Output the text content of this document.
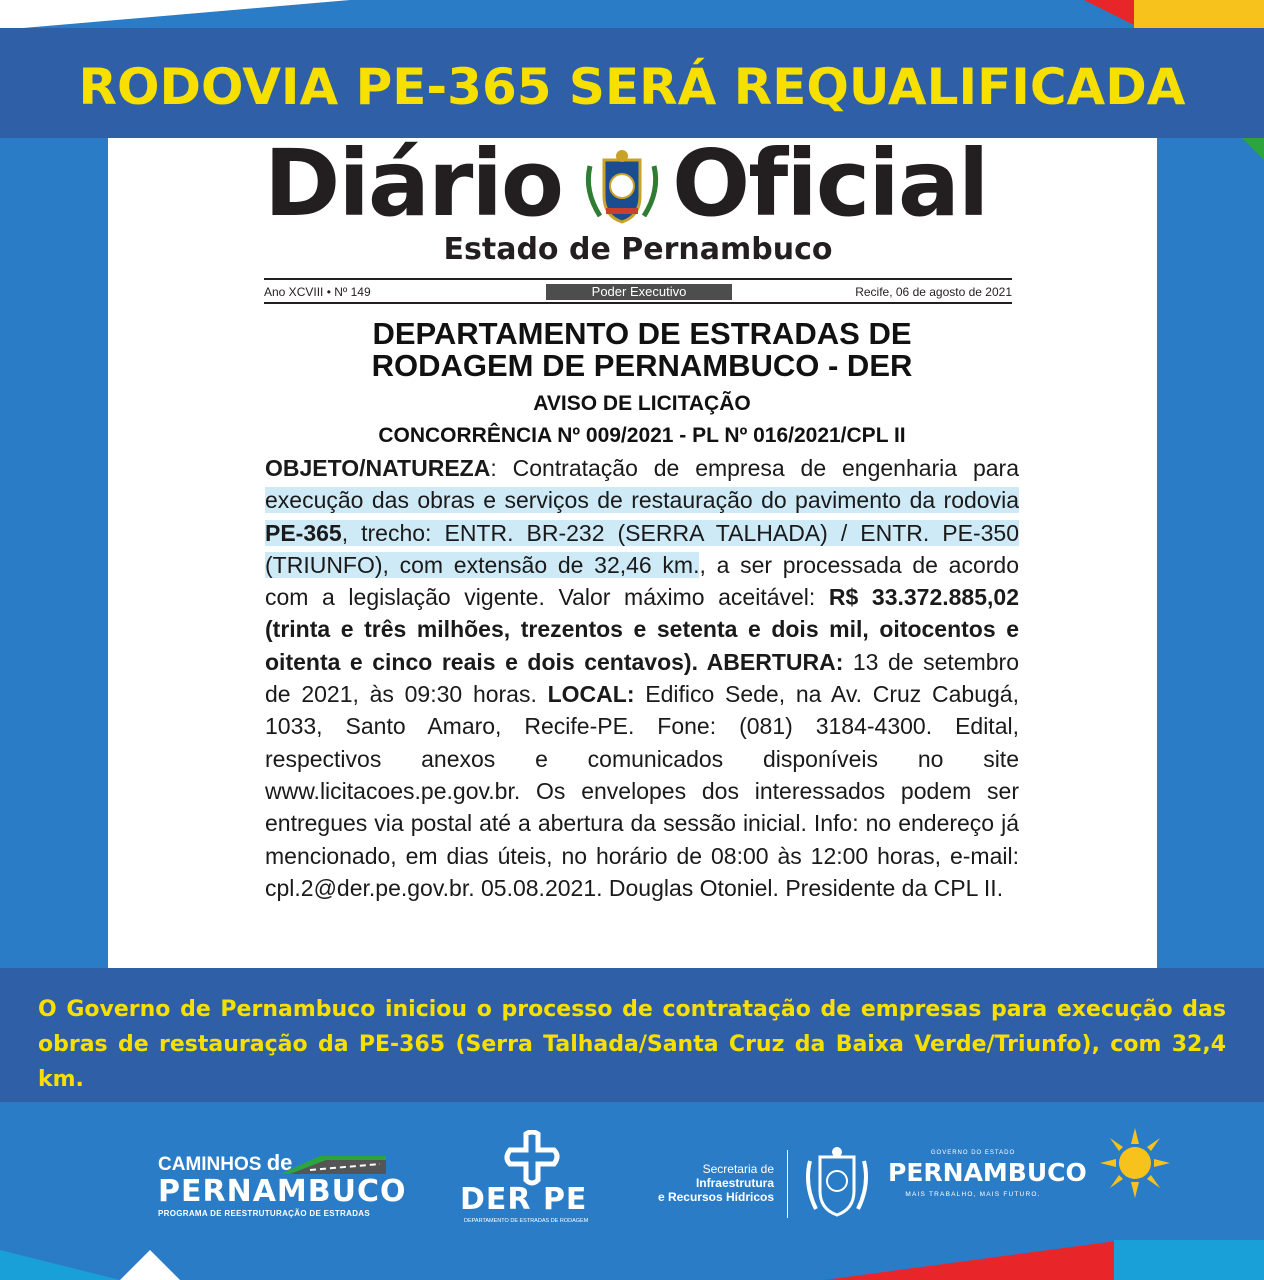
RODOVIA PE-365 SERÁ REQUALIFICADA
Diário Oficial
Estado de Pernambuco
Ano XCVIII • Nº 149	Poder Executivo	Recife, 06 de agosto de 2021
DEPARTAMENTO DE ESTRADAS DE
RODAGEM DE PERNAMBUCO - DER
AVISO DE LICITAÇÃO
CONCORRÊNCIA Nº 009/2021 - PL Nº 016/2021/CPL II
OBJETO/NATUREZA: Contratação de empresa de engenharia para execução das obras e serviços de restauração do pavimento da rodovia PE-365, trecho: ENTR. BR-232 (SERRA TALHADA) / ENTR. PE-350 (TRIUNFO), com extensão de 32,46 km., a ser processada de acordo com a legislação vigente. Valor máximo aceitável: R$ 33.372.885,02 (trinta e três milhões, trezentos e setenta e dois mil, oitocentos e oitenta e cinco reais e dois centavos). ABERTURA: 13 de setembro de 2021, às 09:30 horas. LOCAL: Edifico Sede, na Av. Cruz Cabugá, 1033, Santo Amaro, Recife-PE. Fone: (081) 3184-4300. Edital, respectivos anexos e comunicados disponíveis no site www.licitacoes.pe.gov.br. Os envelopes dos interessados podem ser entregues via postal até a abertura da sessão inicial. Info: no endereço já mencionado, em dias úteis, no horário de 08:00 às 12:00 horas, e-mail: cpl.2@der.pe.gov.br. 05.08.2021. Douglas Otoniel. Presidente da CPL II.
O Governo de Pernambuco iniciou o processo de contratação de empresas para execução das
obras de restauração da PE-365 (Serra Talhada/Santa Cruz da Baixa Verde/Triunfo), com 32,4 km.
CAMINHOS de
PERNAMBUCO
PROGRAMA DE REESTRUTURAÇÃO DE ESTRADAS	DER PE
DEPARTAMENTO DE ESTRADAS DE RODAGEM
Secretaria de
Infraestrutura
e Recursos Hídricos
GOVERNO DO ESTADO
PERNAMBUCO
MAIS TRABALHO, MAIS FUTURO.
